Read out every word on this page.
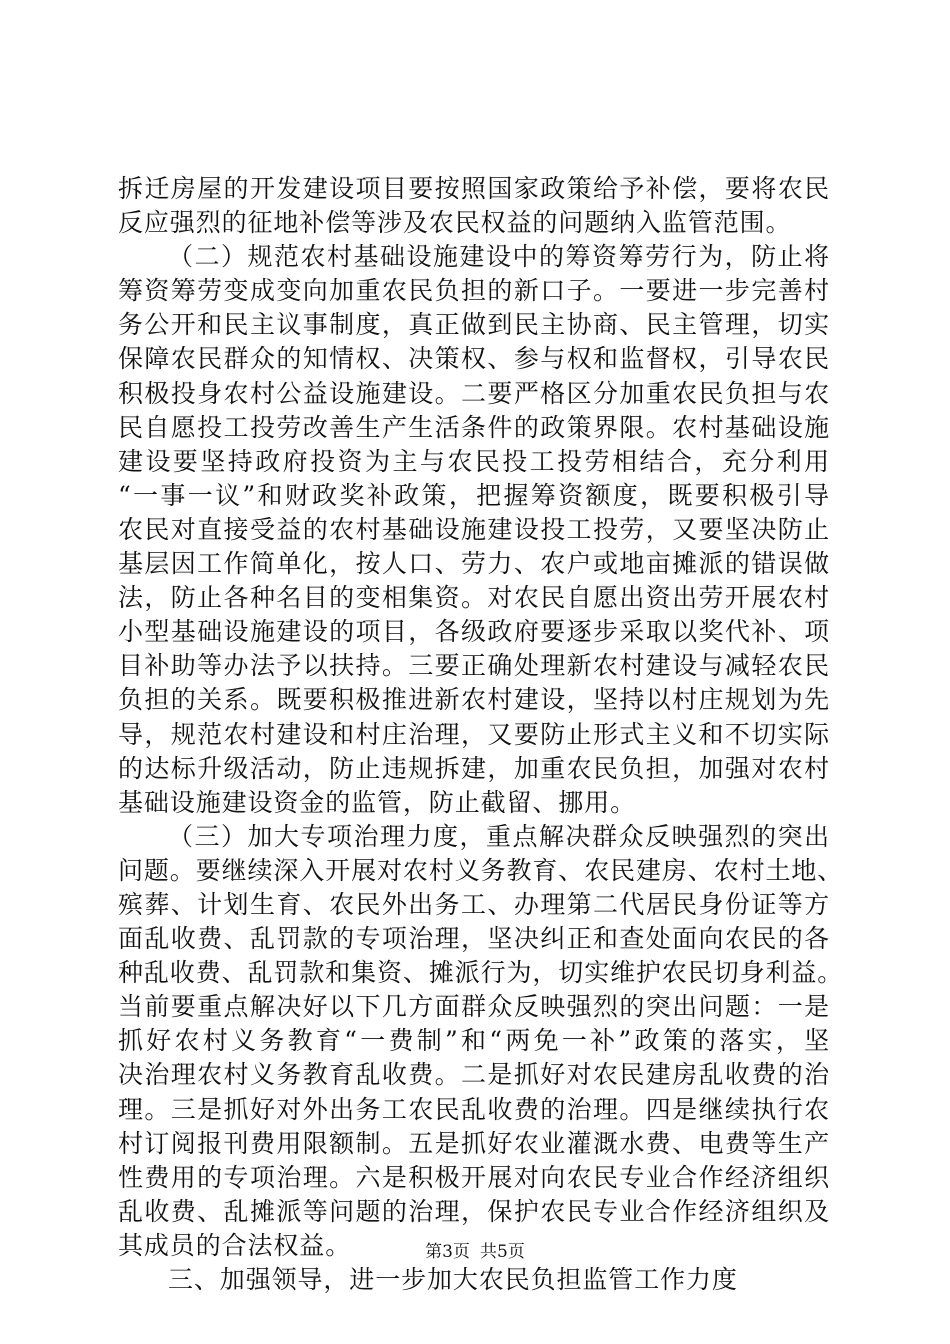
拆迁房屋的开发建设项目要按照国家政策给予补偿，要将农民
反应强烈的征地补偿等涉及农民权益的问题纳入监管范围。
（二）规范农村基础设施建设中的筹资筹劳行为，防止将
筹资筹劳变成变向加重农民负担的新口子。一要进一步完善村
务公开和民主议事制度，真正做到民主协商、民主管理，切实
保障农民群众的知情权、决策权、参与权和监督权，引导农民
积极投身农村公益设施建设。二要严格区分加重农民负担与农
民自愿投工投劳改善生产生活条件的政策界限。农村基础设施
建设要坚持政府投资为主与农民投工投劳相结合，充分利用
“一事一议”和财政奖补政策，把握筹资额度，既要积极引导
农民对直接受益的农村基础设施建设投工投劳，又要坚决防止
基层因工作简单化，按人口、劳力、农户或地亩摊派的错误做
法，防止各种名目的变相集资。对农民自愿出资出劳开展农村
小型基础设施建设的项目，各级政府要逐步采取以奖代补、项
目补助等办法予以扶持。三要正确处理新农村建设与减轻农民
负担的关系。既要积极推进新农村建设，坚持以村庄规划为先
导，规范农村建设和村庄治理，又要防止形式主义和不切实际
的达标升级活动，防止违规拆建，加重农民负担，加强对农村
基础设施建设资金的监管，防止截留、挪用。
（三）加大专项治理力度，重点解决群众反映强烈的突出
问题。要继续深入开展对农村义务教育、农民建房、农村土地、
殡葬、计划生育、农民外出务工、办理第二代居民身份证等方
面乱收费、乱罚款的专项治理，坚决纠正和查处面向农民的各
种乱收费、乱罚款和集资、摊派行为，切实维护农民切身利益。
当前要重点解决好以下几方面群众反映强烈的突出问题：一是
抓好农村义务教育“一费制”和“两免一补”政策的落实，坚
决治理农村义务教育乱收费。二是抓好对农民建房乱收费的治
理。三是抓好对外出务工农民乱收费的治理。四是继续执行农
村订阅报刊费用限额制。五是抓好农业灌溉水费、电费等生产
性费用的专项治理。六是积极开展对向农民专业合作经济组织
乱收费、乱摊派等问题的治理，保护农民专业合作经济组织及
其成员的合法权益。
三、加强领导，进一步加大农民负担监管工作力度
第3页 共5页
